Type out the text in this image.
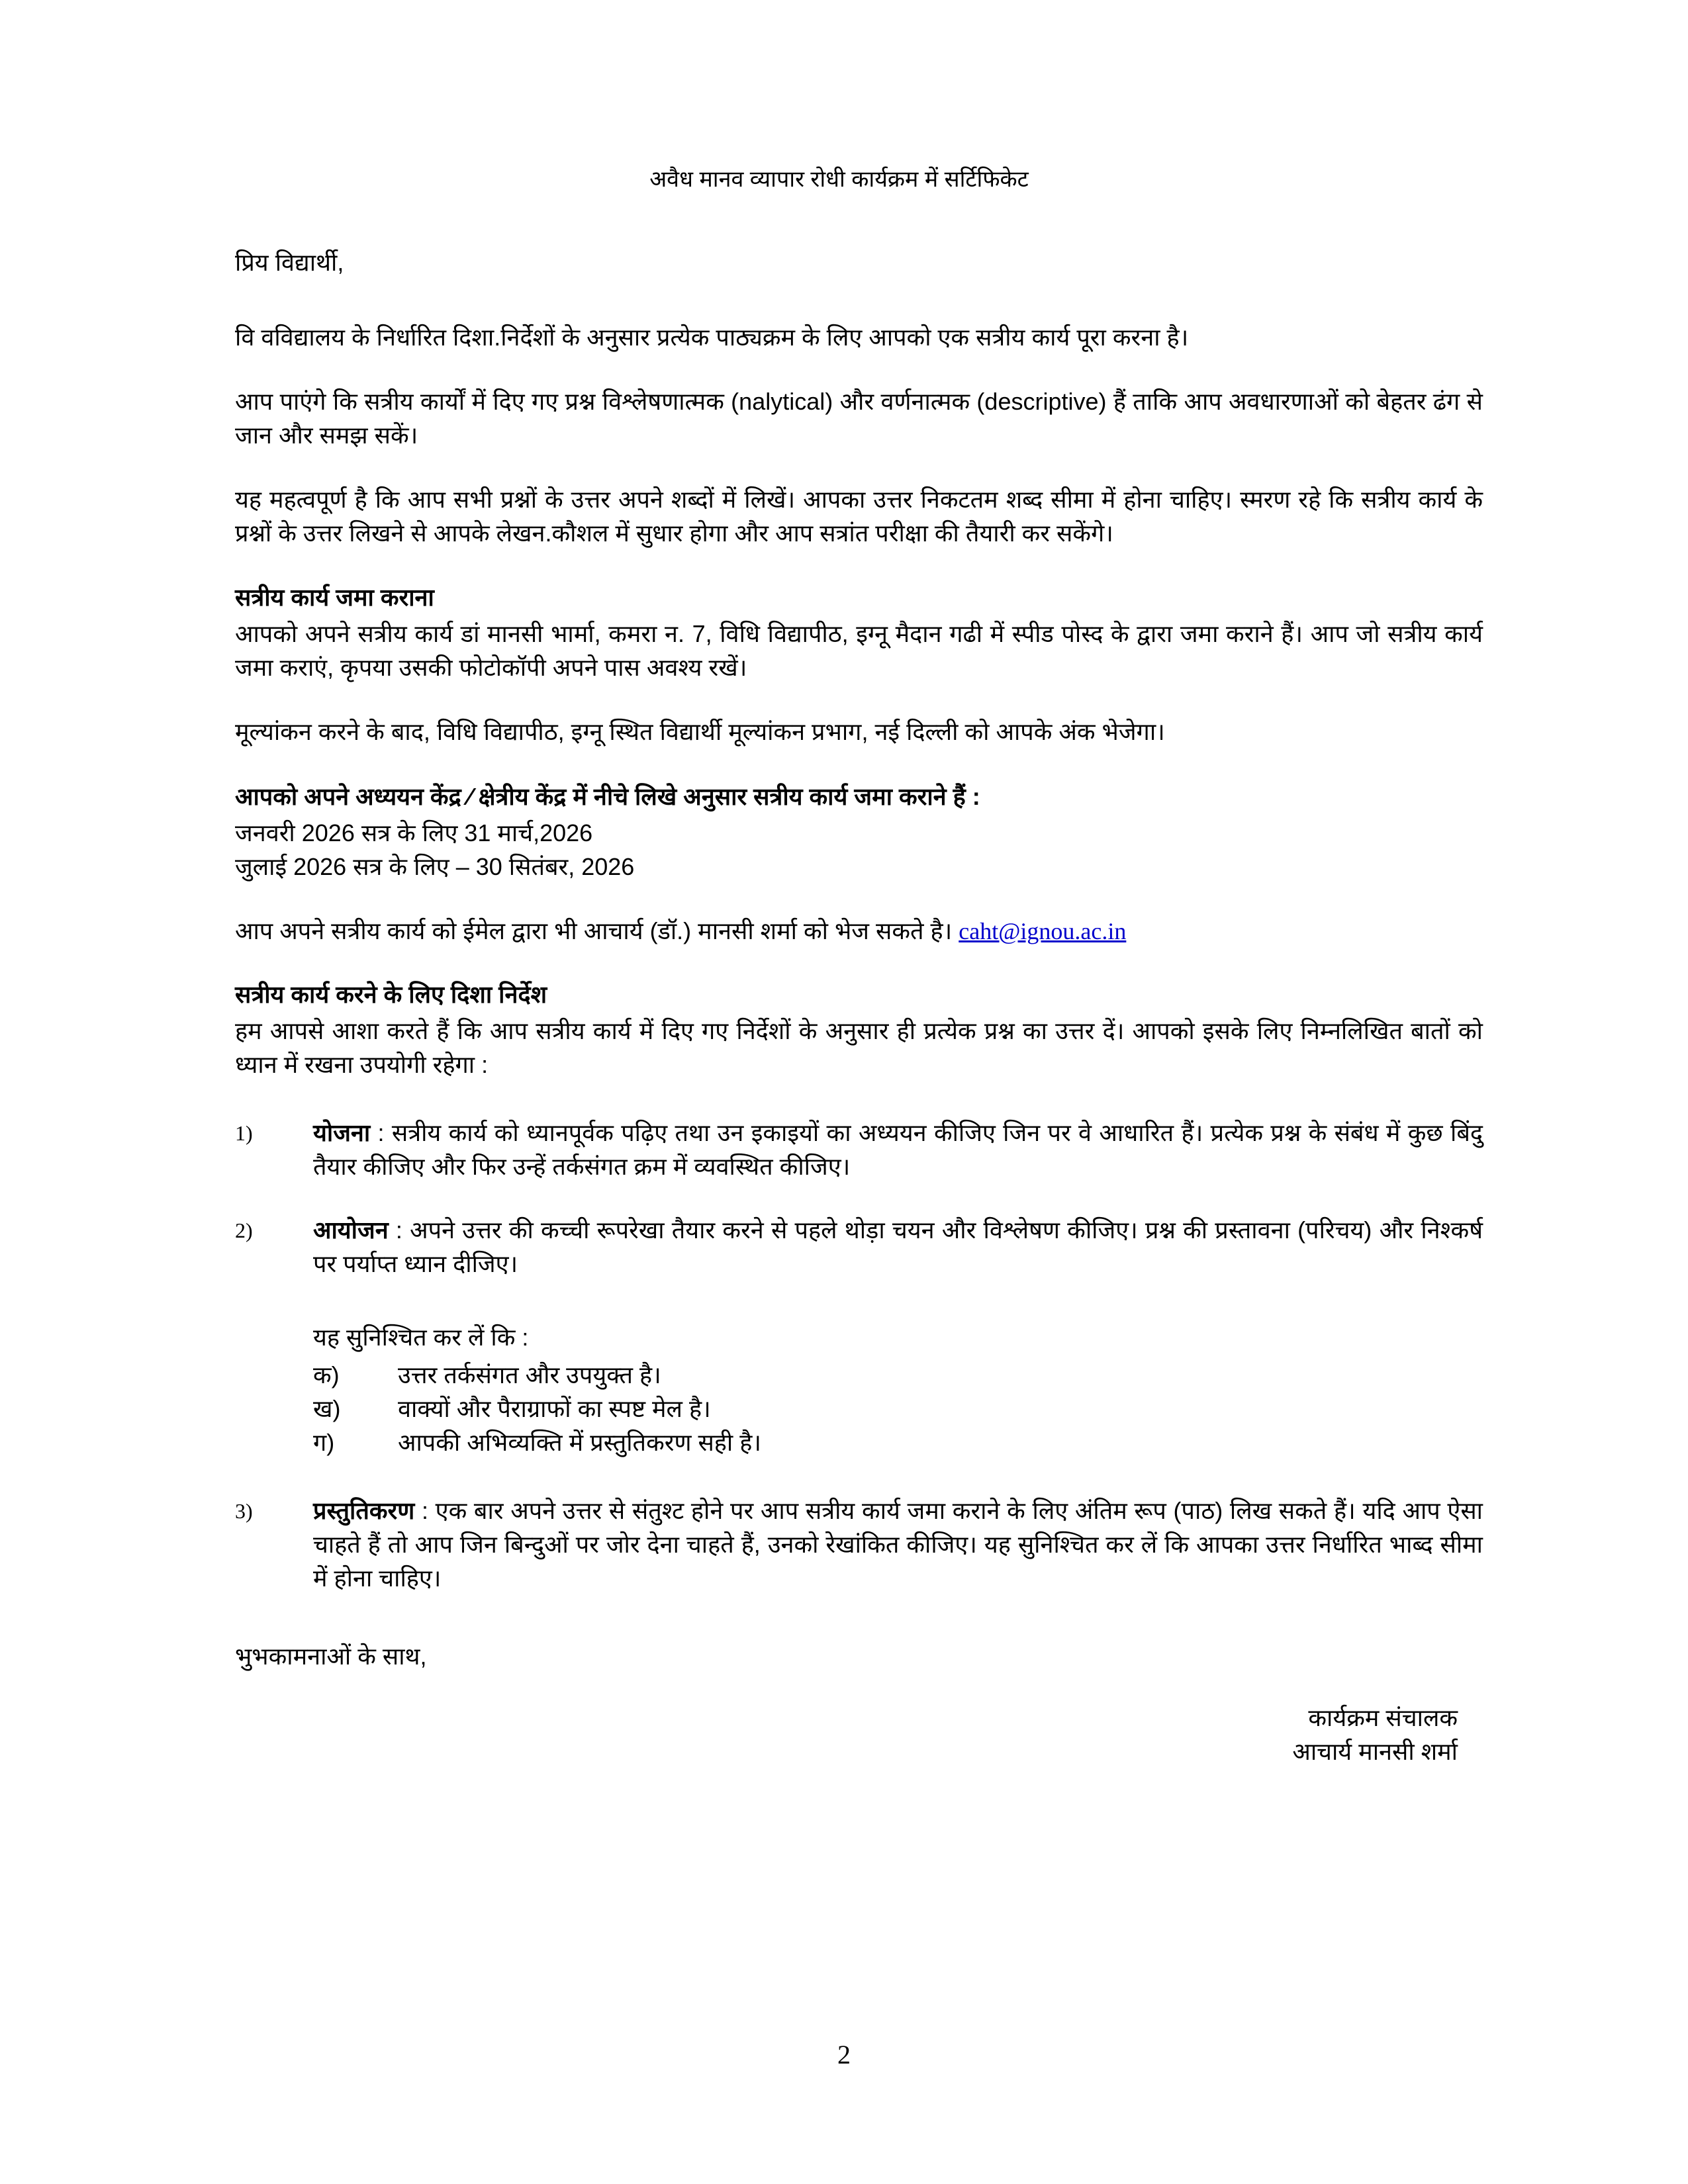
अवैध मानव व्यापार रोधी कार्यक्रम में सर्टिफिकेट
प्रिय विद्यार्थी,
वि वविद्यालय के निर्धारित दिशा.निर्देशों के अनुसार प्रत्येक पाठ्यक्रम के लिए आपको एक सत्रीय कार्य पूरा करना है।
आप पाएंगे कि सत्रीय कार्यों में दिए गए प्रश्न विश्लेषणात्मक (nalytical) और वर्णनात्मक (descriptive) हैं ताकि आप अवधारणाओं को बेहतर ढंग से जान और समझ सकें।
यह महत्वपूर्ण है कि आप सभी प्रश्नों के उत्तर अपने शब्दों में लिखें। आपका उत्तर निकटतम शब्द सीमा में होना चाहिए। स्मरण रहे कि सत्रीय कार्य के प्रश्नों के उत्तर लिखने से आपके लेखन.कौशल में सुधार होगा और आप सत्रांत परीक्षा की तैयारी कर सकेंगे।
सत्रीय कार्य जमा कराना
आपको अपने सत्रीय कार्य डां मानसी भार्मा, कमरा न. 7, विधि विद्यापीठ, इग्नू मैदान गढी में स्पीड पोस्द के द्वारा जमा कराने हैं। आप जो सत्रीय कार्य जमा कराएं, कृपया उसकी फोटोकॉपी अपने पास अवश्य रखें।
मूल्यांकन करने के बाद, विधि विद्यापीठ, इग्नू स्थित विद्यार्थी मूल्यांकन प्रभाग, नई दिल्ली को आपके अंक भेजेगा।
आपको अपने अध्ययन केंद्र ⁄ क्षेत्रीय केंद्र में नीचे लिखे अनुसार सत्रीय कार्य जमा कराने हैं :
जनवरी 2026 सत्र के लिए 31 मार्च,2026
जुलाई 2026 सत्र के लिए – 30 सितंबर, 2026
आप अपने सत्रीय कार्य को ईमेल द्वारा भी आचार्य (डॉ.) मानसी शर्मा को भेज सकते है। caht@ignou.ac.in
सत्रीय कार्य करने के लिए दिशा निर्देश
हम आपसे आशा करते हैं कि आप सत्रीय कार्य में दिए गए निर्देशों के अनुसार ही प्रत्येक प्रश्न का उत्तर दें। आपको इसके लिए निम्नलिखित बातों को ध्यान में रखना उपयोगी रहेगा :
1)	योजना : सत्रीय कार्य को ध्यानपूर्वक पढ़िए तथा उन इकाइयों का अध्ययन कीजिए जिन पर वे आधारित हैं। प्रत्येक प्रश्न के संबंध में कुछ बिंदु तैयार कीजिए और फिर उन्हें तर्कसंगत क्रम में व्यवस्थित कीजिए।
2)	आयोजन : अपने उत्तर की कच्ची रूपरेखा तैयार करने से पहले थोड़ा चयन और विश्लेषण कीजिए। प्रश्न की प्रस्तावना (परिचय) और निश्कर्ष पर पर्याप्त ध्यान दीजिए।
यह सुनिश्चित कर लें कि :
क)	उत्तर तर्कसंगत और उपयुक्त है।
ख)	वाक्यों और पैराग्राफों का स्पष्ट मेल है।
ग)	आपकी अभिव्यक्ति में प्रस्तुतिकरण सही है।
3)	प्रस्तुतिकरण : एक बार अपने उत्तर से संतुश्ट होने पर आप सत्रीय कार्य जमा कराने के लिए अंतिम रूप (पाठ) लिख सकते हैं। यदि आप ऐसा चाहते हैं तो आप जिन बिन्दुओं पर जोर देना चाहते हैं, उनको रेखांकित कीजिए। यह सुनिश्चित कर लें कि आपका उत्तर निर्धारित भाब्द सीमा में होना चाहिए।
भुभकामनाओं के साथ,
कार्यक्रम संचालक
आचार्य मानसी शर्मा
2
